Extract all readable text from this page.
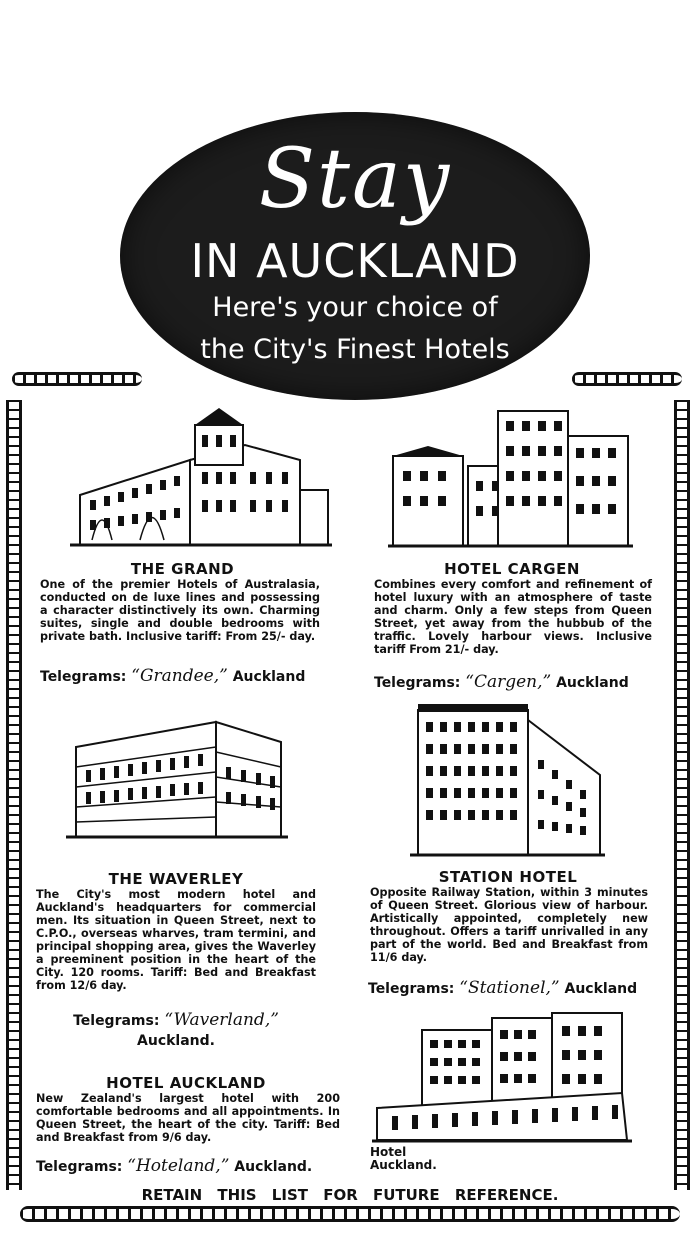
Stay
IN AUCKLAND
Here's your choice of
the City's Finest Hotels
THE GRAND
One of the premier Hotels of Australasia, conducted on de luxe lines and possessing a character distinctively its own. Charming suites, single and double bedrooms with private bath. Inclusive tariff: From 25/- day.
Telegrams: “Grandee,” Auckland
HOTEL CARGEN
Combines every comfort and refinement of hotel luxury with an atmosphere of taste and charm. Only a few steps from Queen Street, yet away from the hubbub of the traffic. Lovely harbour views. Inclusive tariff From 21/- day.
Telegrams: “Cargen,” Auckland
THE WAVERLEY
The City's most modern hotel and Auckland's headquarters for commercial men. Its situation in Queen Street, next to C.P.O., overseas wharves, tram termini, and principal shopping area, gives the Waverley a preeminent position in the heart of the City. 120 rooms. Tariff: Bed and Breakfast from 12/6 day.
Telegrams: “Waverland,”
Auckland.
STATION HOTEL
Opposite Railway Station, within 3 minutes of Queen Street. Glorious view of harbour. Artistically appointed, completely new throughout. Offers a tariff unrivalled in any part of the world. Bed and Breakfast from 11/6 day.
Telegrams: “Stationel,” Auckland
HOTEL AUCKLAND
New Zealand's largest hotel with 200 comfortable bedrooms and all appointments. In Queen Street, the heart of the city. Tariff: Bed and Breakfast from 9/6 day.
Telegrams: “Hoteland,” Auckland.
Hotel
Auckland.
RETAIN THIS LIST FOR FUTURE REFERENCE.
